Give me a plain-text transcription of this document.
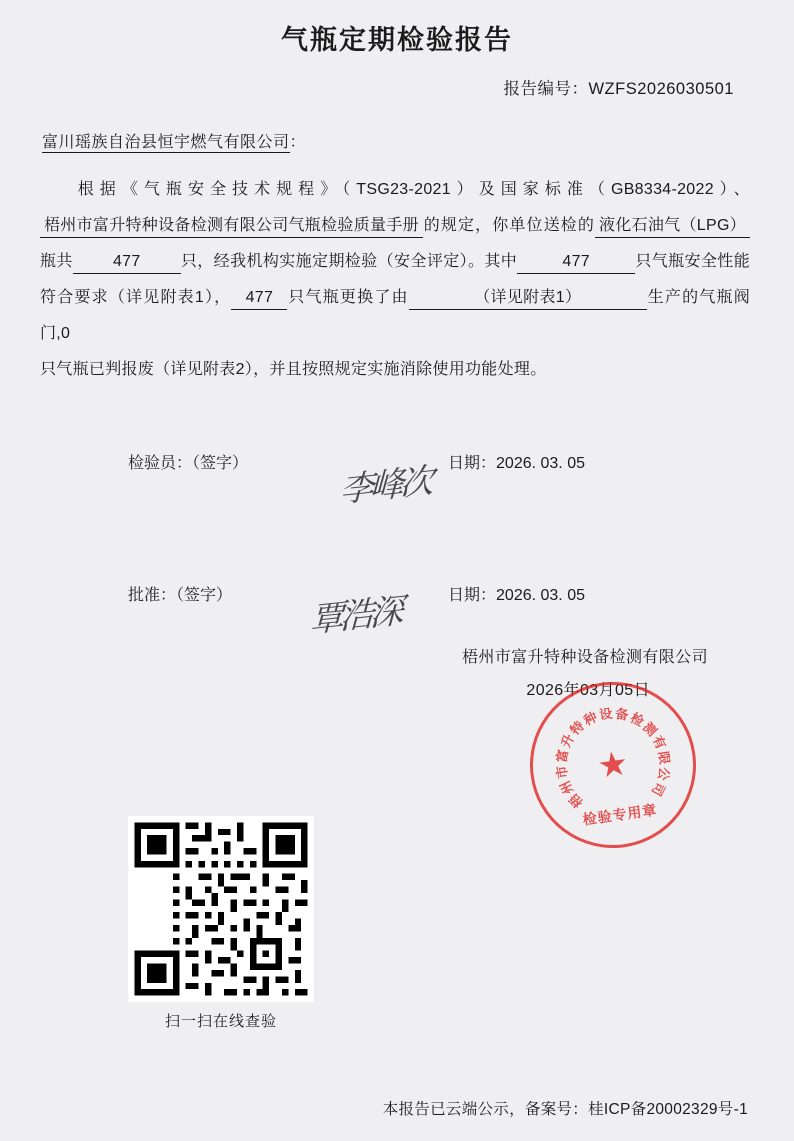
气瓶定期检验报告
报告编号：WZFS2026030501
富川瑶族自治县恒宇燃气有限公司：
根据《气瓶安全技术规程》（TSG23-2021）及国家标准（GB8334-2022）、梧州市富升特种设备检测有限公司气瓶检验质量手册 的规定，你单位送检的 液化石油气（LPG）瓶共	477	只，经我机构实施定期检验（安全评定）。其中	477	只气瓶安全性能符合要求（详见附表1）， 477 只气瓶更换了由	（详见附表1）	生产的气瓶阀门,0
只气瓶已判报废（详见附表2），并且按照规定实施消除使用功能处理。
检验员：（签字）	李峰次 日期：2026. 03. 05
批准：（签字） 覃浩深	日期：2026. 03. 05
梧州市富升特种设备检测有限公司
2026年03月05日
梧
州
市
富
升
特
种
设 备
检
测
有
限
公
司
★
检验专用章
扫一扫在线查验
本报告已云端公示，备案号：桂ICP备20002329号-1
